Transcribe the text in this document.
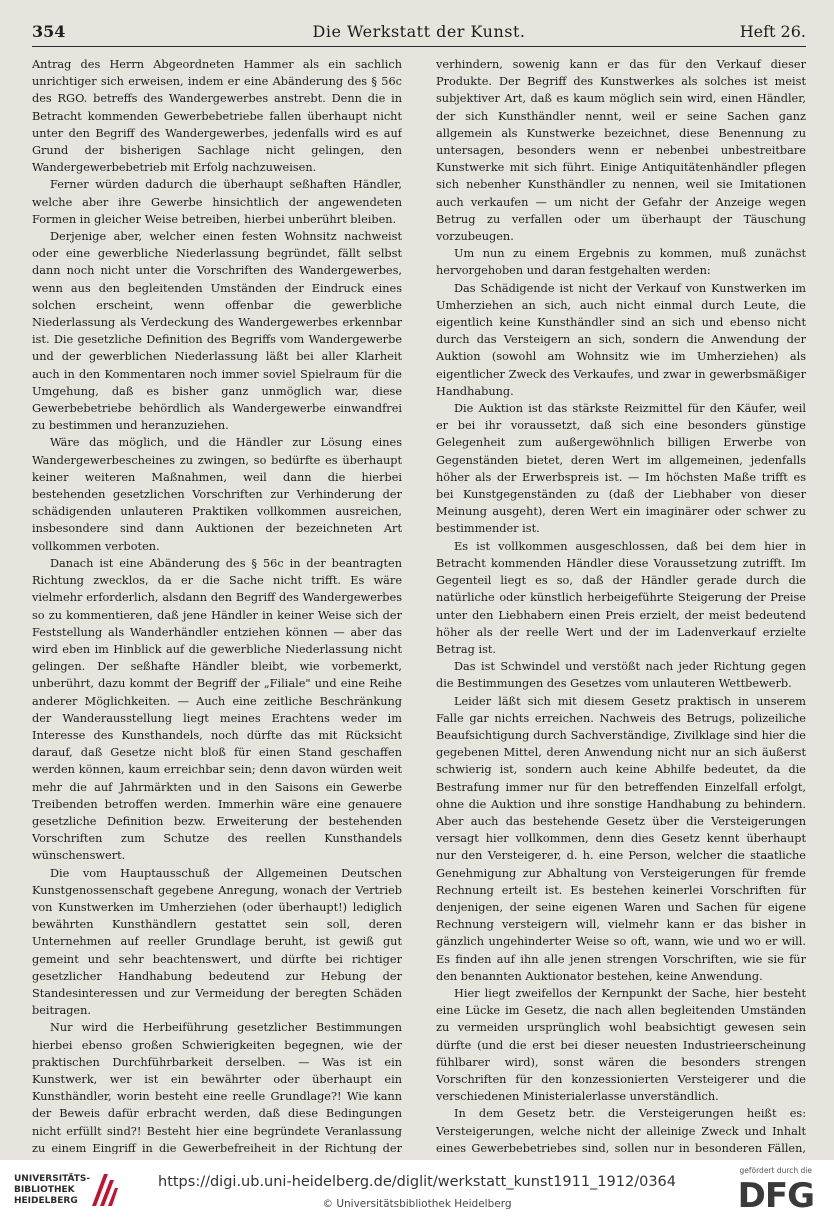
354	Die Werkstatt der Kunst.	Heft 26.

Antrag des Herrn Abgeordneten Hammer als ein sachlich unrichtiger sich erweisen, indem er eine Abänderung des § 56c des RGO. betreffs des Wandergewerbes anstrebt. Denn die in Betracht kommenden Gewerbebetriebe fallen überhaupt nicht unter den Begriff des Wandergewerbes, jedenfalls wird es auf Grund der bisherigen Sachlage nicht gelingen, den Wandergewerbebetrieb mit Erfolg nachzuweisen.

Ferner würden dadurch die überhaupt seßhaften Händler, welche aber ihre Gewerbe hinsichtlich der angewendeten Formen in gleicher Weise betreiben, hierbei unberührt bleiben.

Derjenige aber, welcher einen festen Wohnsitz nachweist oder eine gewerbliche Niederlassung begründet, fällt selbst dann noch nicht unter die Vorschriften des Wandergewerbes, wenn aus den begleitenden Umständen der Eindruck eines solchen erscheint, wenn offenbar die gewerbliche Niederlassung als Verdeckung des Wandergewerbes erkennbar ist. Die gesetzliche Definition des Begriffs vom Wandergewerbe und der gewerblichen Niederlassung läßt bei aller Klarheit auch in den Kommentaren noch immer soviel Spielraum für die Umgehung, daß es bisher ganz unmöglich war, diese Gewerbebetriebe behördlich als Wandergewerbe einwandfrei zu bestimmen und heranzuziehen.

Wäre das möglich, und die Händler zur Lösung eines Wandergewerbescheines zu zwingen, so bedürfte es überhaupt keiner weiteren Maßnahmen, weil dann die hierbei bestehenden gesetzlichen Vorschriften zur Verhinderung der schädigenden unlauteren Praktiken vollkommen ausreichen, insbesondere sind dann Auktionen der bezeichneten Art vollkommen verboten.

Danach ist eine Abänderung des § 56c in der beantragten Richtung zwecklos, da er die Sache nicht trifft. Es wäre vielmehr erforderlich, alsdann den Begriff des Wandergewerbes so zu kommentieren, daß jene Händler in keiner Weise sich der Feststellung als Wanderhändler entziehen können — aber das wird eben im Hinblick auf die gewerbliche Niederlassung nicht gelingen. Der seßhafte Händler bleibt, wie vorbemerkt, unberührt, dazu kommt der Begriff der „Filiale" und eine Reihe anderer Möglichkeiten. — Auch eine zeitliche Beschränkung der Wanderausstellung liegt meines Erachtens weder im Interesse des Kunsthandels, noch dürfte das mit Rücksicht darauf, daß Gesetze nicht bloß für einen Stand geschaffen werden können, kaum erreichbar sein; denn davon würden weit mehr die auf Jahrmärkten und in den Saisons ein Gewerbe Treibenden betroffen werden. Immerhin wäre eine genauere gesetzliche Definition bezw. Erweiterung der bestehenden Vorschriften zum Schutze des reellen Kunsthandels wünschenswert.

Die vom Hauptausschuß der Allgemeinen Deutschen Kunstgenossenschaft gegebene Anregung, wonach der Vertrieb von Kunstwerken im Umherziehen (oder überhaupt!) lediglich bewährten Kunsthändlern gestattet sein soll, deren Unternehmen auf reeller Grundlage beruht, ist gewiß gut gemeint und sehr beachtenswert, und dürfte bei richtiger gesetzlicher Handhabung bedeutend zur Hebung der Standesinteressen und zur Vermeidung der beregten Schäden beitragen.

Nur wird die Herbeiführung gesetzlicher Bestimmungen hierbei ebenso großen Schwierigkeiten begegnen, wie der praktischen Durchführbarkeit derselben. — Was ist ein Kunstwerk, wer ist ein bewährter oder überhaupt ein Kunsthändler, worin besteht eine reelle Grundlage?! Wie kann der Beweis dafür erbracht werden, daß diese Bedingungen nicht erfüllt sind?! Besteht hier eine begründete Veranlassung zu einem Eingriff in die Gewerbefreiheit in der Richtung der

verhindern, sowenig kann er das für den Verkauf dieser Produkte. Der Begriff des Kunstwerkes als solches ist meist subjektiver Art, daß es kaum möglich sein wird, einen Händler, der sich Kunsthändler nennt, weil er seine Sachen ganz allgemein als Kunstwerke bezeichnet, diese Benennung zu untersagen, besonders wenn er nebenbei unbestreitbare Kunstwerke mit sich führt. Einige Antiquitätenhändler pflegen sich nebenher Kunsthändler zu nennen, weil sie Imitationen auch verkaufen — um nicht der Gefahr der Anzeige wegen Betrug zu verfallen oder um überhaupt der Täuschung vorzubeugen.

Um nun zu einem Ergebnis zu kommen, muß zunächst hervorgehoben und daran festgehalten werden:

Das Schädigende ist nicht der Verkauf von Kunstwerken im Umherziehen an sich, auch nicht einmal durch Leute, die eigentlich keine Kunsthändler sind an sich und ebenso nicht durch das Versteigern an sich, sondern die Anwendung der Auktion (sowohl am Wohnsitz wie im Umherziehen) als eigentlicher Zweck des Verkaufes, und zwar in gewerbsmäßiger Handhabung.

Die Auktion ist das stärkste Reizmittel für den Käufer, weil er bei ihr voraussetzt, daß sich eine besonders günstige Gelegenheit zum außergewöhnlich billigen Erwerbe von Gegenständen bietet, deren Wert im allgemeinen, jedenfalls höher als der Erwerbspreis ist. — Im höchsten Maße trifft es bei Kunstgegenständen zu (daß der Liebhaber von dieser Meinung ausgeht), deren Wert ein imaginärer oder schwer zu bestimmender ist.

Es ist vollkommen ausgeschlossen, daß bei dem hier in Betracht kommenden Händler diese Voraussetzung zutrifft. Im Gegenteil liegt es so, daß der Händler gerade durch die natürliche oder künstlich herbeigeführte Steigerung der Preise unter den Liebhabern einen Preis erzielt, der meist bedeutend höher als der reelle Wert und der im Ladenverkauf erzielte Betrag ist.

Das ist Schwindel und verstößt nach jeder Richtung gegen die Bestimmungen des Gesetzes vom unlauteren Wettbewerb.

Leider läßt sich mit diesem Gesetz praktisch in unserem Falle gar nichts erreichen. Nachweis des Betrugs, polizeiliche Beaufsichtigung durch Sachverständige, Zivilklage sind hier die gegebenen Mittel, deren Anwendung nicht nur an sich äußerst schwierig ist, sondern auch keine Abhilfe bedeutet, da die Bestrafung immer nur für den betreffenden Einzelfall erfolgt, ohne die Auktion und ihre sonstige Handhabung zu behindern. Aber auch das bestehende Gesetz über die Versteigerungen versagt hier vollkommen, denn dies Gesetz kennt überhaupt nur den Versteigerer, d. h. eine Person, welcher die staatliche Genehmigung zur Abhaltung von Versteigerungen für fremde Rechnung erteilt ist. Es bestehen keinerlei Vorschriften für denjenigen, der seine eigenen Waren und Sachen für eigene Rechnung versteigern will, vielmehr kann er das bisher in gänzlich ungehinderter Weise so oft, wann, wie und wo er will. Es finden auf ihn alle jenen strengen Vorschriften, wie sie für den benannten Auktionator bestehen, keine Anwendung.

Hier liegt zweifellos der Kernpunkt der Sache, hier besteht eine Lücke im Gesetz, die nach allen begleitenden Umständen zu vermeiden ursprünglich wohl beabsichtigt gewesen sein dürfte (und die erst bei dieser neuesten Industrieerscheinung fühlbarer wird), sonst wären die besonders strengen Vorschriften für den konzessionierten Versteigerer und die verschiedenen Ministerialerlasse unverständlich.

In dem Gesetz betr. die Versteigerungen heißt es: Versteigerungen, welche nicht der alleinige Zweck und Inhalt eines Gewerbebetriebes sind, sollen nur in besonderen Fällen,

UNIVERSITÄTS-
BIBLIOTHEK
HEIDELBERG
https://digi.ub.uni-heidelberg.de/diglit/werkstatt_kunst1911_1912/0364
© Universitätsbibliothek Heidelberg
gefördert durch die
DFG
